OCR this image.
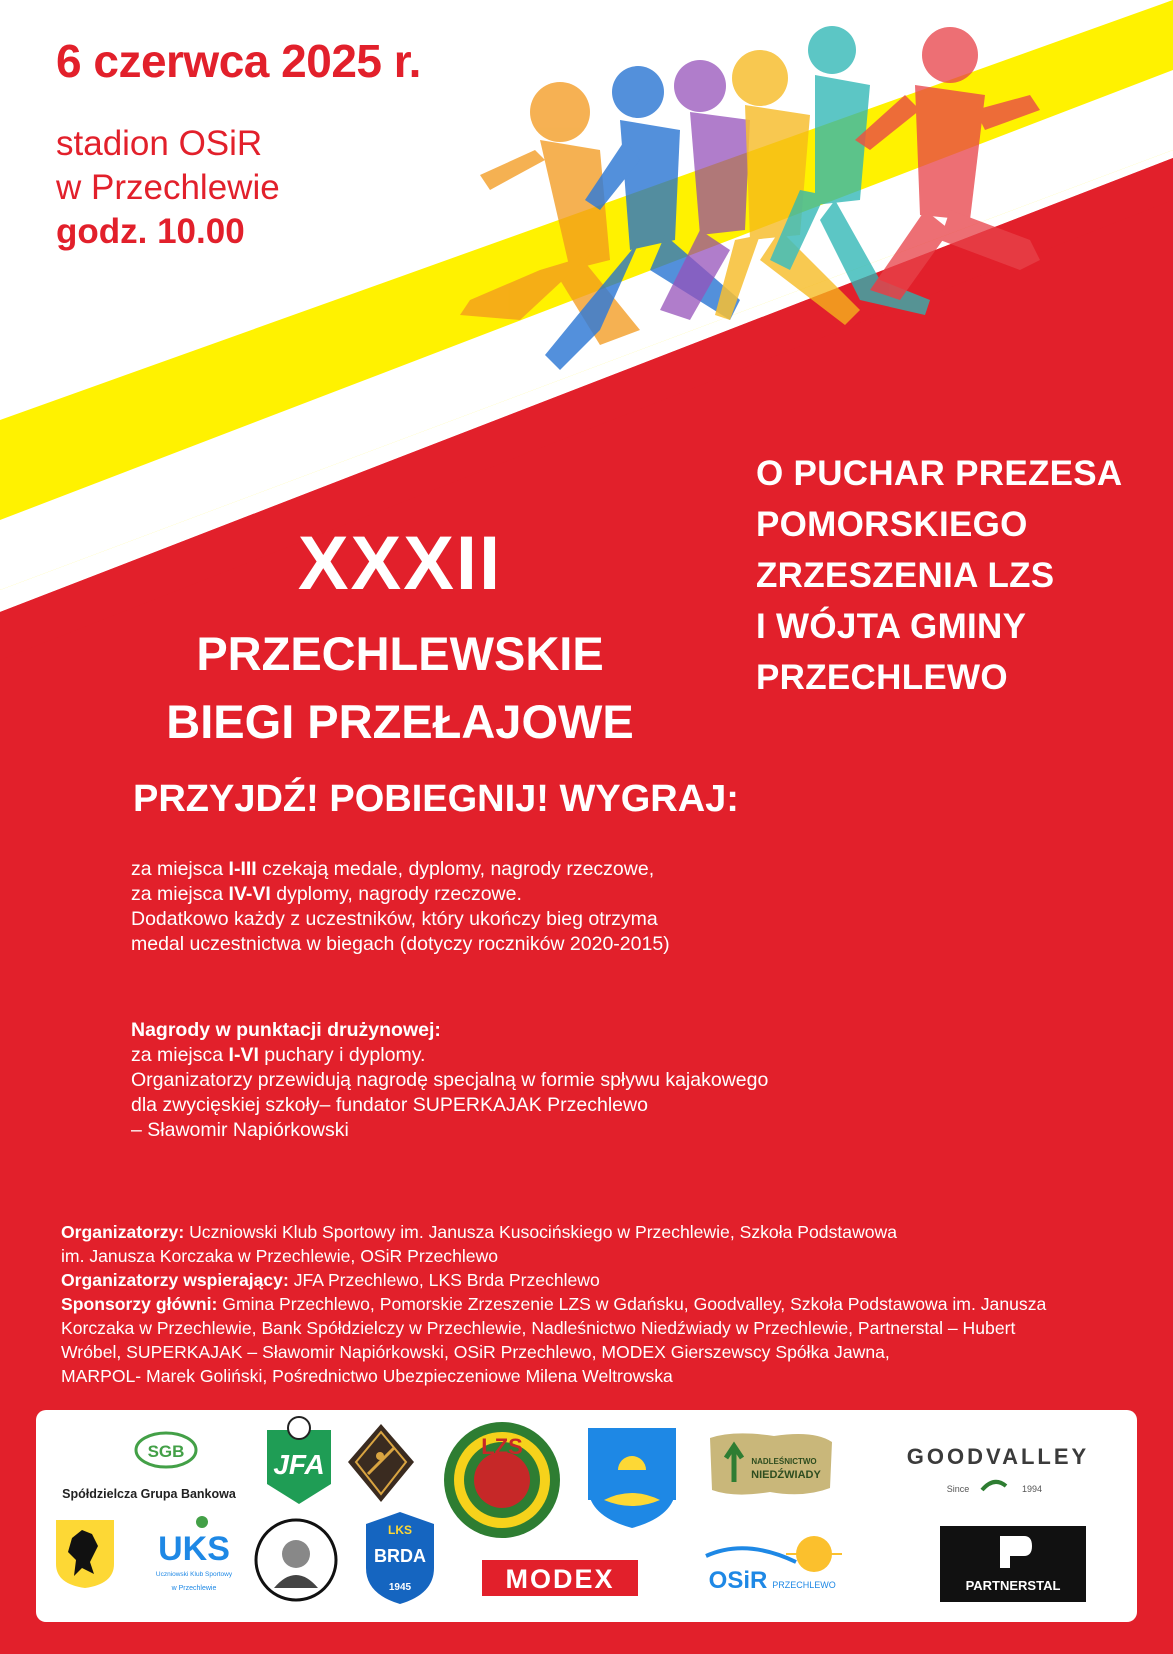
6 czerwca 2025 r.
stadion OSiR
w Przechlewie
godz. 10.00
O PUCHAR PREZESA
POMORSKIEGO
ZRZESZENIA LZS
I WÓJTA GMINY
PRZECHLEWO
XXXII
PRZECHLEWSKIE
BIEGI PRZEŁAJOWE
PRZYJDŹ! POBIEGNIJ! WYGRAJ:
za miejsca I-III czekają medale, dyplomy, nagrody rzeczowe,
za miejsca IV-VI dyplomy, nagrody rzeczowe.
Dodatkowo każdy z uczestników, który ukończy bieg otrzyma
medal uczestnictwa w biegach (dotyczy roczników 2020-2015)
Nagrody w punktacji drużynowej:
za miejsca I-VI puchary i dyplomy.
Organizatorzy przewidują nagrodę specjalną w formie spływu kajakowego
dla zwycięskiej szkoły– fundator SUPERKAJAK Przechlewo
– Sławomir Napiórkowski
Organizatorzy: Uczniowski Klub Sportowy im. Janusza Kusocińskiego w Przechlewie, Szkoła Podstawowa
im. Janusza Korczaka w Przechlewie, OSiR Przechlewo
Organizatorzy wspierający: JFA Przechlewo, LKS Brda Przechlewo
Sponsorzy główni: Gmina Przechlewo, Pomorskie Zrzeszenie LZS w Gdańsku, Goodvalley, Szkoła Podstawowa im. Janusza
Korczaka w Przechlewie, Bank Spółdzielczy w Przechlewie, Nadleśnictwo Niedźwiady w Przechlewie, Partnerstal – Hubert
Wróbel, SUPERKAJAK – Sławomir Napiórkowski, OSiR Przechlewo, MODEX Gierszewscy Spółka Jawna,
MARPOL- Marek Goliński, Pośrednictwo Ubezpieczeniowe Milena Weltrowska
SGB
Spółdzielcza Grupa Bankowa
JFA
LZS
NADLEŚNICTWO
NIEDŹWIADY
GOODVALLEY
Since	1994
UKS
Uczniowski Klub Sportowy
w Przechlewie
LKS
BRDA
1945	MODEX	OSiR PRZECHLEWO	PARTNERSTAL
